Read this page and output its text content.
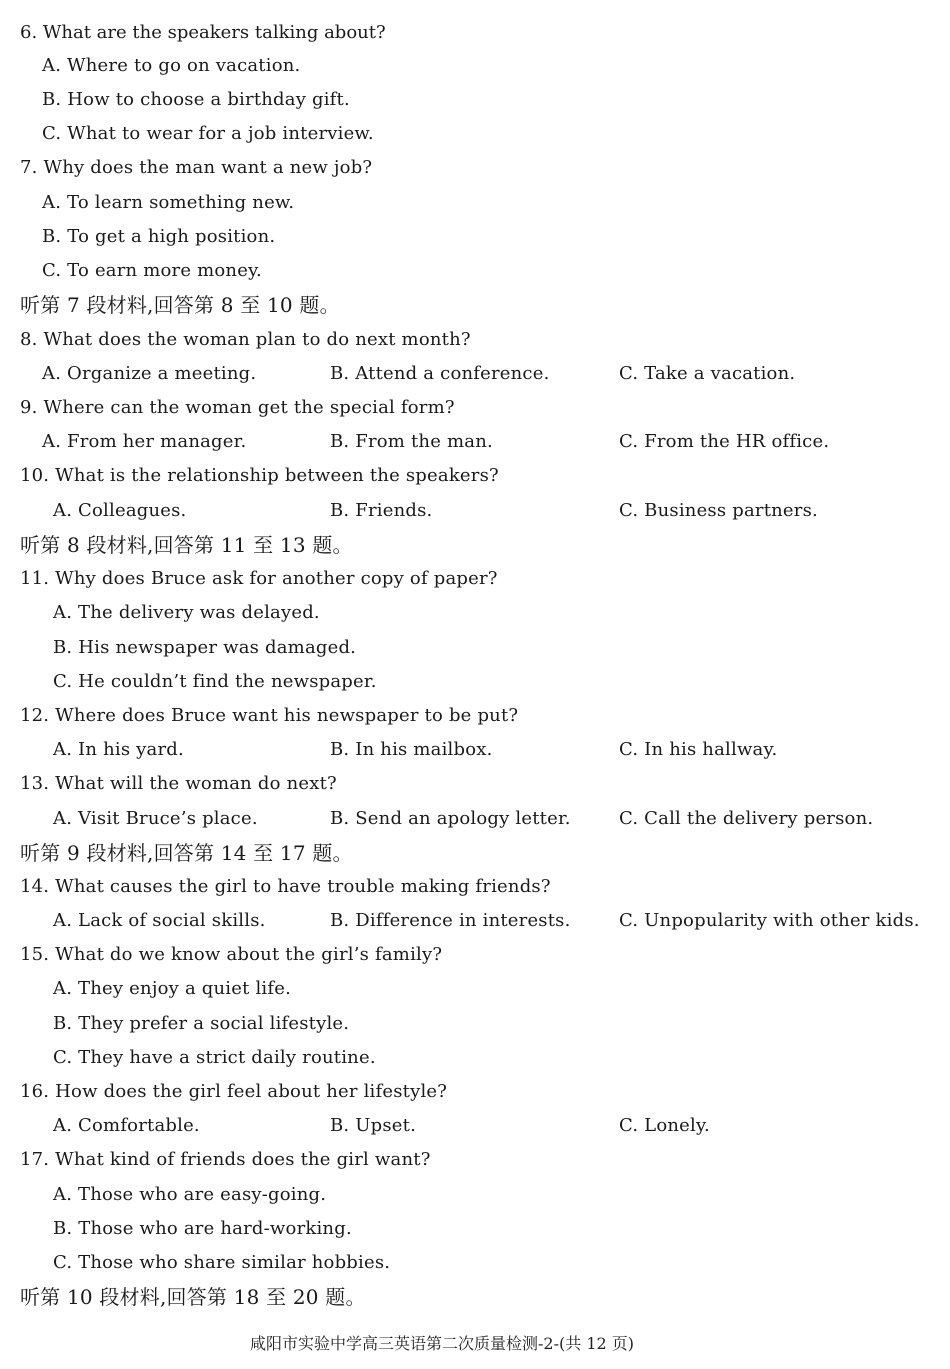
6. What are the speakers talking about?
A. Where to go on vacation.
B. How to choose a birthday gift.
C. What to wear for a job interview.
7. Why does the man want a new job?
A. To learn something new.
B. To get a high position.
C. To earn more money.
听第 7 段材料,回答第 8 至 10 题。
8. What does the woman plan to do next month?
A. Organize a meeting.	B. Attend a conference.	C. Take a vacation.
9. Where can the woman get the special form?
A. From her manager.	B. From the man.	C. From the HR office.
10. What is the relationship between the speakers?
A. Colleagues.	B. Friends.	C. Business partners.
听第 8 段材料,回答第 11 至 13 题。
11. Why does Bruce ask for another copy of paper?
A. The delivery was delayed.
B. His newspaper was damaged.
C. He couldn’t find the newspaper.
12. Where does Bruce want his newspaper to be put?
A. In his yard.	B. In his mailbox.	C. In his hallway.
13. What will the woman do next?
A. Visit Bruce’s place.	B. Send an apology letter.	C. Call the delivery person.
听第 9 段材料,回答第 14 至 17 题。
14. What causes the girl to have trouble making friends?
A. Lack of social skills.	B. Difference in interests.	C. Unpopularity with other kids.
15. What do we know about the girl’s family?
A. They enjoy a quiet life.
B. They prefer a social lifestyle.
C. They have a strict daily routine.
16. How does the girl feel about her lifestyle?
A. Comfortable.	B. Upset.	C. Lonely.
17. What kind of friends does the girl want?
A. Those who are easy-going.
B. Those who are hard-working.
C. Those who share similar hobbies.
听第 10 段材料,回答第 18 至 20 题。
咸阳市实验中学高三英语第二次质量检测-2-(共 12 页)
